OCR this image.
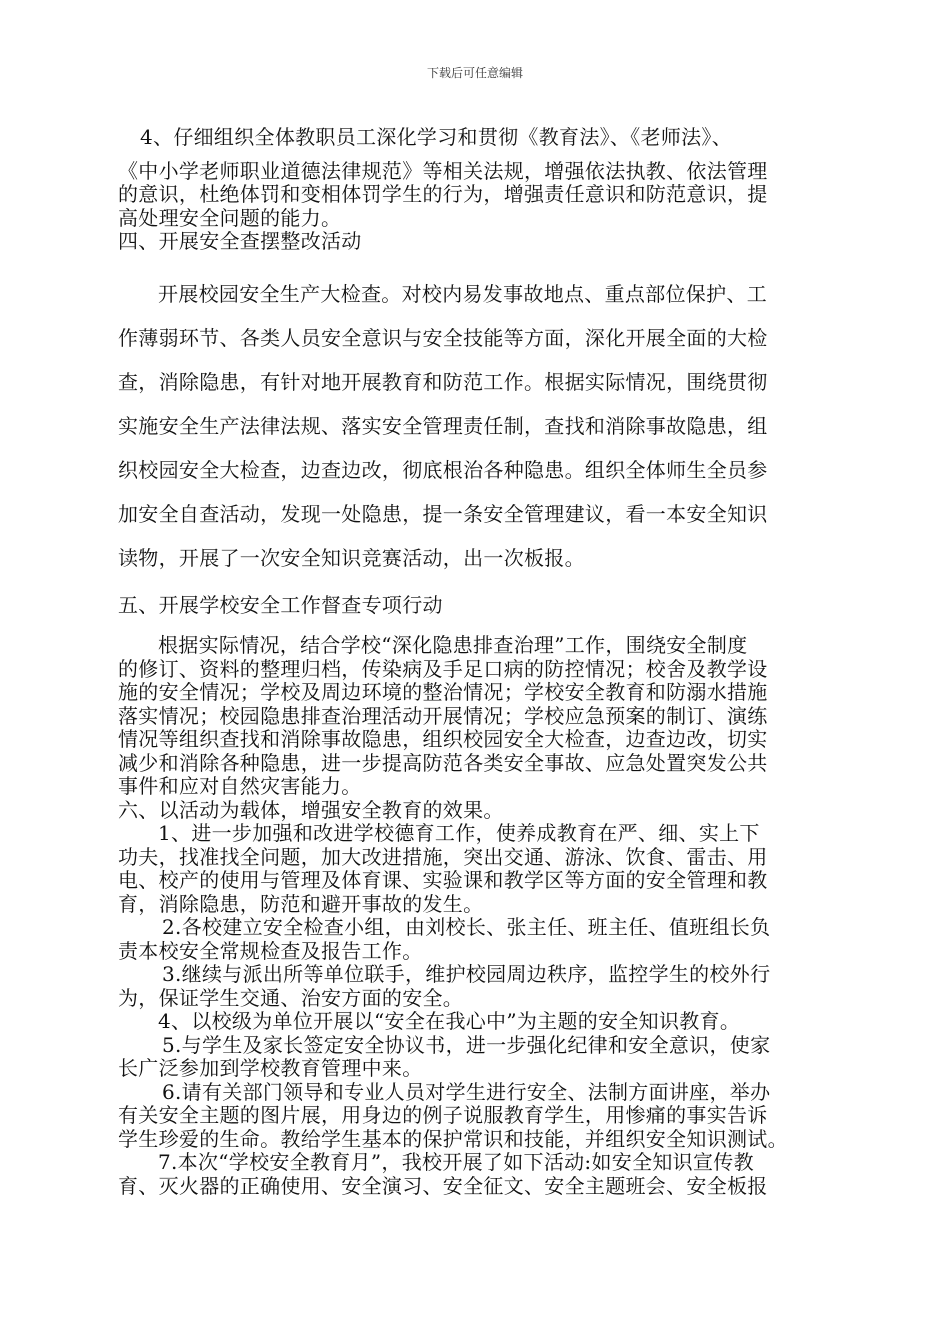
下载后可任意编辑
4、仔细组织全体教职员工深化学习和贯彻《教育法》、《老师法》、
《中小学老师职业道德法律规范》等相关法规，增强依法执教、依法管理
的意识，杜绝体罚和变相体罚学生的行为，增强责任意识和防范意识，提
高处理安全问题的能力。
四、开展安全查摆整改活动
开展校园安全生产大检查。对校内易发事故地点、重点部位保护、工
作薄弱环节、各类人员安全意识与安全技能等方面，深化开展全面的大检
查，消除隐患，有针对地开展教育和防范工作。根据实际情况，围绕贯彻
实施安全生产法律法规、落实安全管理责任制，查找和消除事故隐患，组
织校园安全大检查，边查边改，彻底根治各种隐患。组织全体师生全员参
加安全自查活动，发现一处隐患，提一条安全管理建议，看一本安全知识
读物，开展了一次安全知识竞赛活动，出一次板报。
五、开展学校安全工作督查专项行动
根据实际情况，结合学校“深化隐患排查治理”工作，围绕安全制度
的修订、资料的整理归档，传染病及手足口病的防控情况；校舍及教学设
施的安全情况；学校及周边环境的整治情况；学校安全教育和防溺水措施
落实情况；校园隐患排查治理活动开展情况；学校应急预案的制订、演练
情况等组织查找和消除事故隐患，组织校园安全大检查，边查边改，切实
减少和消除各种隐患，进一步提高防范各类安全事故、应急处置突发公共
事件和应对自然灾害能力。
六、以活动为载体，增强安全教育的效果。
1、进一步加强和改进学校德育工作，使养成教育在严、细、实上下
功夫，找准找全问题，加大改进措施，突出交通、游泳、饮食、雷击、用
电、校产的使用与管理及体育课、实验课和教学区等方面的安全管理和教
育，消除隐患，防范和避开事故的发生。
2.各校建立安全检查小组，由刘校长、张主任、班主任、值班组长负
责本校安全常规检查及报告工作。
3.继续与派出所等单位联手，维护校园周边秩序，监控学生的校外行
为，保证学生交通、治安方面的安全。
4、以校级为单位开展以“安全在我心中”为主题的安全知识教育。
5.与学生及家长签定安全协议书，进一步强化纪律和安全意识，使家
长广泛参加到学校教育管理中来。
6.请有关部门领导和专业人员对学生进行安全、法制方面讲座，举办
有关安全主题的图片展，用身边的例子说服教育学生，用惨痛的事实告诉
学生珍爱的生命。教给学生基本的保护常识和技能，并组织安全知识测试。
7.本次“学校安全教育月”，我校开展了如下活动:如安全知识宣传教
育、灭火器的正确使用、安全演习、安全征文、安全主题班会、安全板报
